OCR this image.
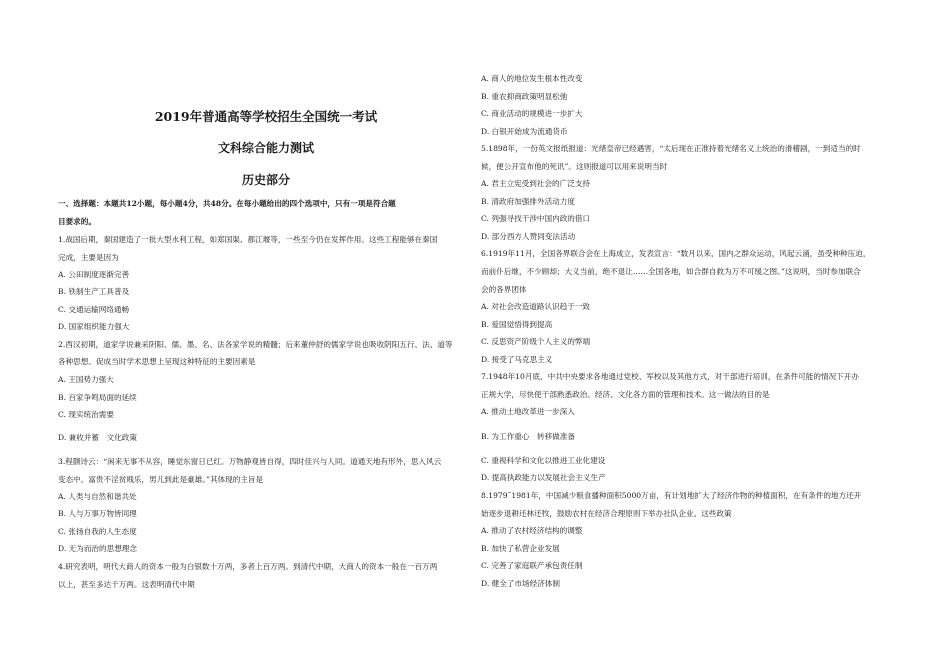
2019年普通高等学校招生全国统一考试
文科综合能力测试
历史部分
一、选择题：本题共12小题，每小题4分，共48分。在每小题给出的四个选项中，只有一项是符合题
目要求的。
1.战国后期，秦国建造了一批大型水利工程，如郑国渠、都江堰等，一些至今仍在发挥作用。这些工程能够在秦国
完成，主要是因为
A. 公田制度逐渐完善
B. 铁制生产工具普及
C. 交通运输网络通畅
D. 国家组织能力强大
2.西汉初期，道家学说兼采阴阳、儒、墨、名、法各家学说的精髓；后来董仲舒的儒家学说也吸收阴阳五行、法、道等
各种思想。促成当时学术思想上呈现这种特征的主要因素是
A. 王国势力强大
B. 百家争鸣局面的延续
C. 现实统治需要
D. 兼收并蓄　文化政策
3.程颢诗云：“闲来无事不从容，睡觉东窗日已红。万物静观皆自得，四时佳兴与人同。道通天地有形外，思入风云
变态中。富贵不淫贫贱乐，男儿到此是豪雄。”其体现的主旨是
A. 人类与自然和谐共处
B. 人与万事万物皆同理
C. 张扬自我的人生态度
D. 无为而治的思想理念
4.研究表明，明代大商人的资本一般为白银数十万两，多者上百万两。到清代中期，大商人的资本一般在一百万两
以上，甚至多达千万两。这表明清代中期
A. 商人的地位发生根本性改变
B. 重农抑商政策明显松弛
C. 商业活动的规模进一步扩大
D. 白银开始成为流通货币
5.1898年，一份英文报纸报道：光绪皇帝已经遇害，“太后现在正准持着光绪名义上统治的滑稽剧，一到适当的时
候，便公开宣布他的死讯”。这则报道可以用来说明当时
A. 君主立宪受到社会的广泛支持
B. 清政府加强排外活动力度
C. 列强寻找干涉中国内政的借口
D. 部分西方人赞同变法活动
6.1919年11月，全国各界联合会在上海成立，发表宣言：“数月以来，国内之群众运动，风起云涌，虽受种种压迫，
而前仆后继，不少顾却；大义当前，绝不退让……全国各地，如合群自救为万不可缓之图。”这说明，当时参加联合
会的各界团体
A. 对社会改造道路认识趋于一致
B. 爱国觉悟得到提高
C. 反思资产阶级个人主义的弊端
D. 接受了马克思主义
7.1948年10月底，中共中央要求各地通过党校、军校以及其他方式，对干部进行培训，在条件可能的情况下开办
正规大学，尽快使干部熟悉政治、经济、文化各方面的管理和技术。这一做法的目的是
A. 推动土地改革进一步深入
B. 为工作重心　转移做准备
C. 重视科学和文化以推进工业化建设
D. 提高执政能力以发展社会主义生产
8.1979˜1981年，中国减少粮食播种面积5000万亩，有计划地扩大了经济作物的种植面积，在有条件的地方还开
始逐步退耕还林还牧，鼓励农村在经济合理原则下举办社队企业。这些政策
A. 推动了农村经济结构的调整
B. 加快了私营企业发展
C. 完善了家庭联产承包责任制
D. 健全了市场经济体制
